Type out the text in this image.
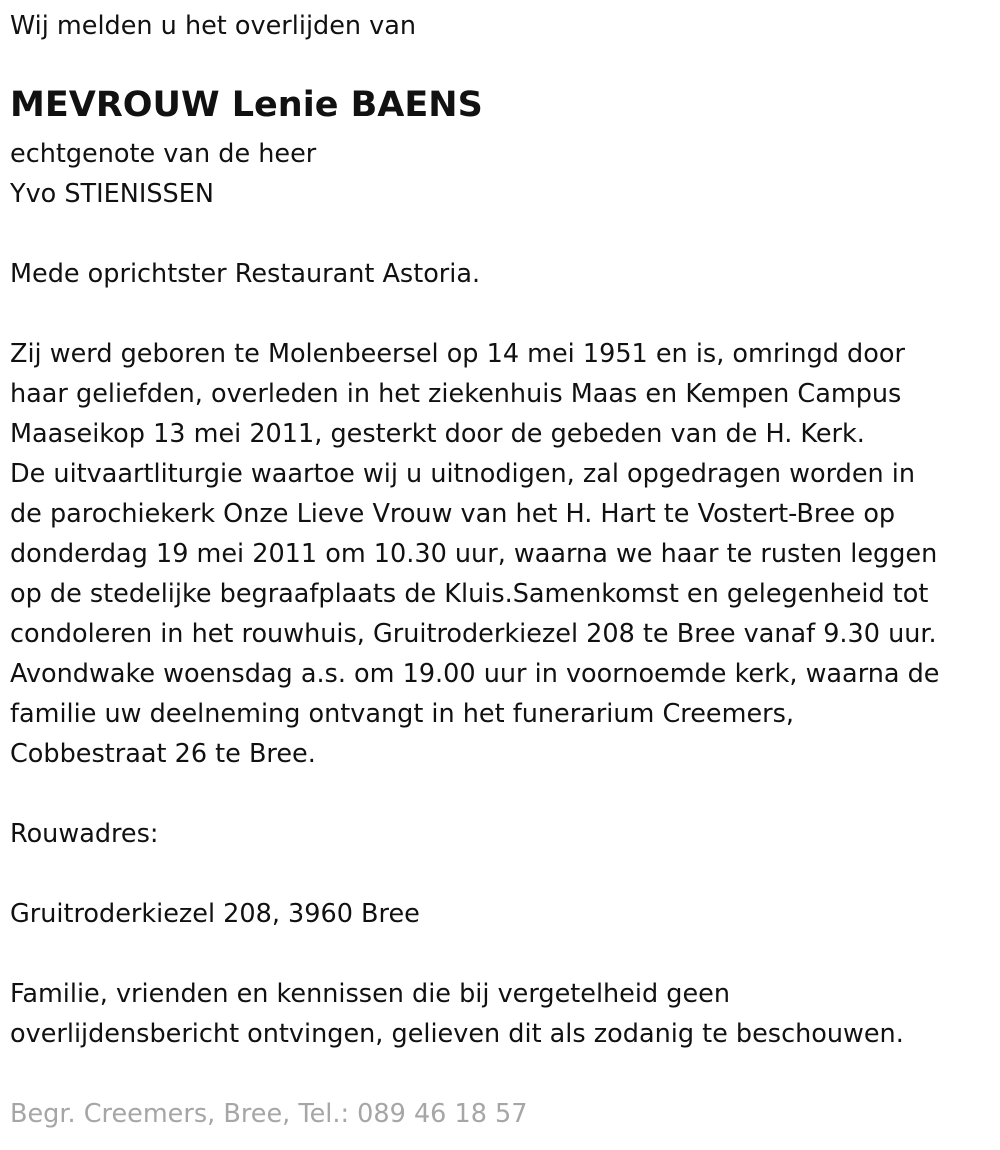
Wij melden u het overlijden van
MEVROUW Lenie BAENS
echtgenote van de heer
Yvo STIENISSEN
Mede oprichtster Restaurant Astoria.
Zij werd geboren te Molenbeersel op 14 mei 1951 en is, omringd door
haar geliefden, overleden in het ziekenhuis Maas en Kempen Campus
Maaseikop 13 mei 2011, gesterkt door de gebeden van de H. Kerk.
De uitvaartliturgie waartoe wij u uitnodigen, zal opgedragen worden in
de parochiekerk Onze Lieve Vrouw van het H. Hart te Vostert-Bree op
donderdag 19 mei 2011 om 10.30 uur, waarna we haar te rusten leggen
op de stedelijke begraafplaats de Kluis.Samenkomst en gelegenheid tot
condoleren in het rouwhuis, Gruitroderkiezel 208 te Bree vanaf 9.30 uur.
Avondwake woensdag a.s. om 19.00 uur in voornoemde kerk, waarna de
familie uw deelneming ontvangt in het funerarium Creemers,
Cobbestraat 26 te Bree.
Rouwadres:
Gruitroderkiezel 208, 3960 Bree
Familie, vrienden en kennissen die bij vergetelheid geen
overlijdensbericht ontvingen, gelieven dit als zodanig te beschouwen.
Begr. Creemers, Bree, Tel.: 089 46 18 57
